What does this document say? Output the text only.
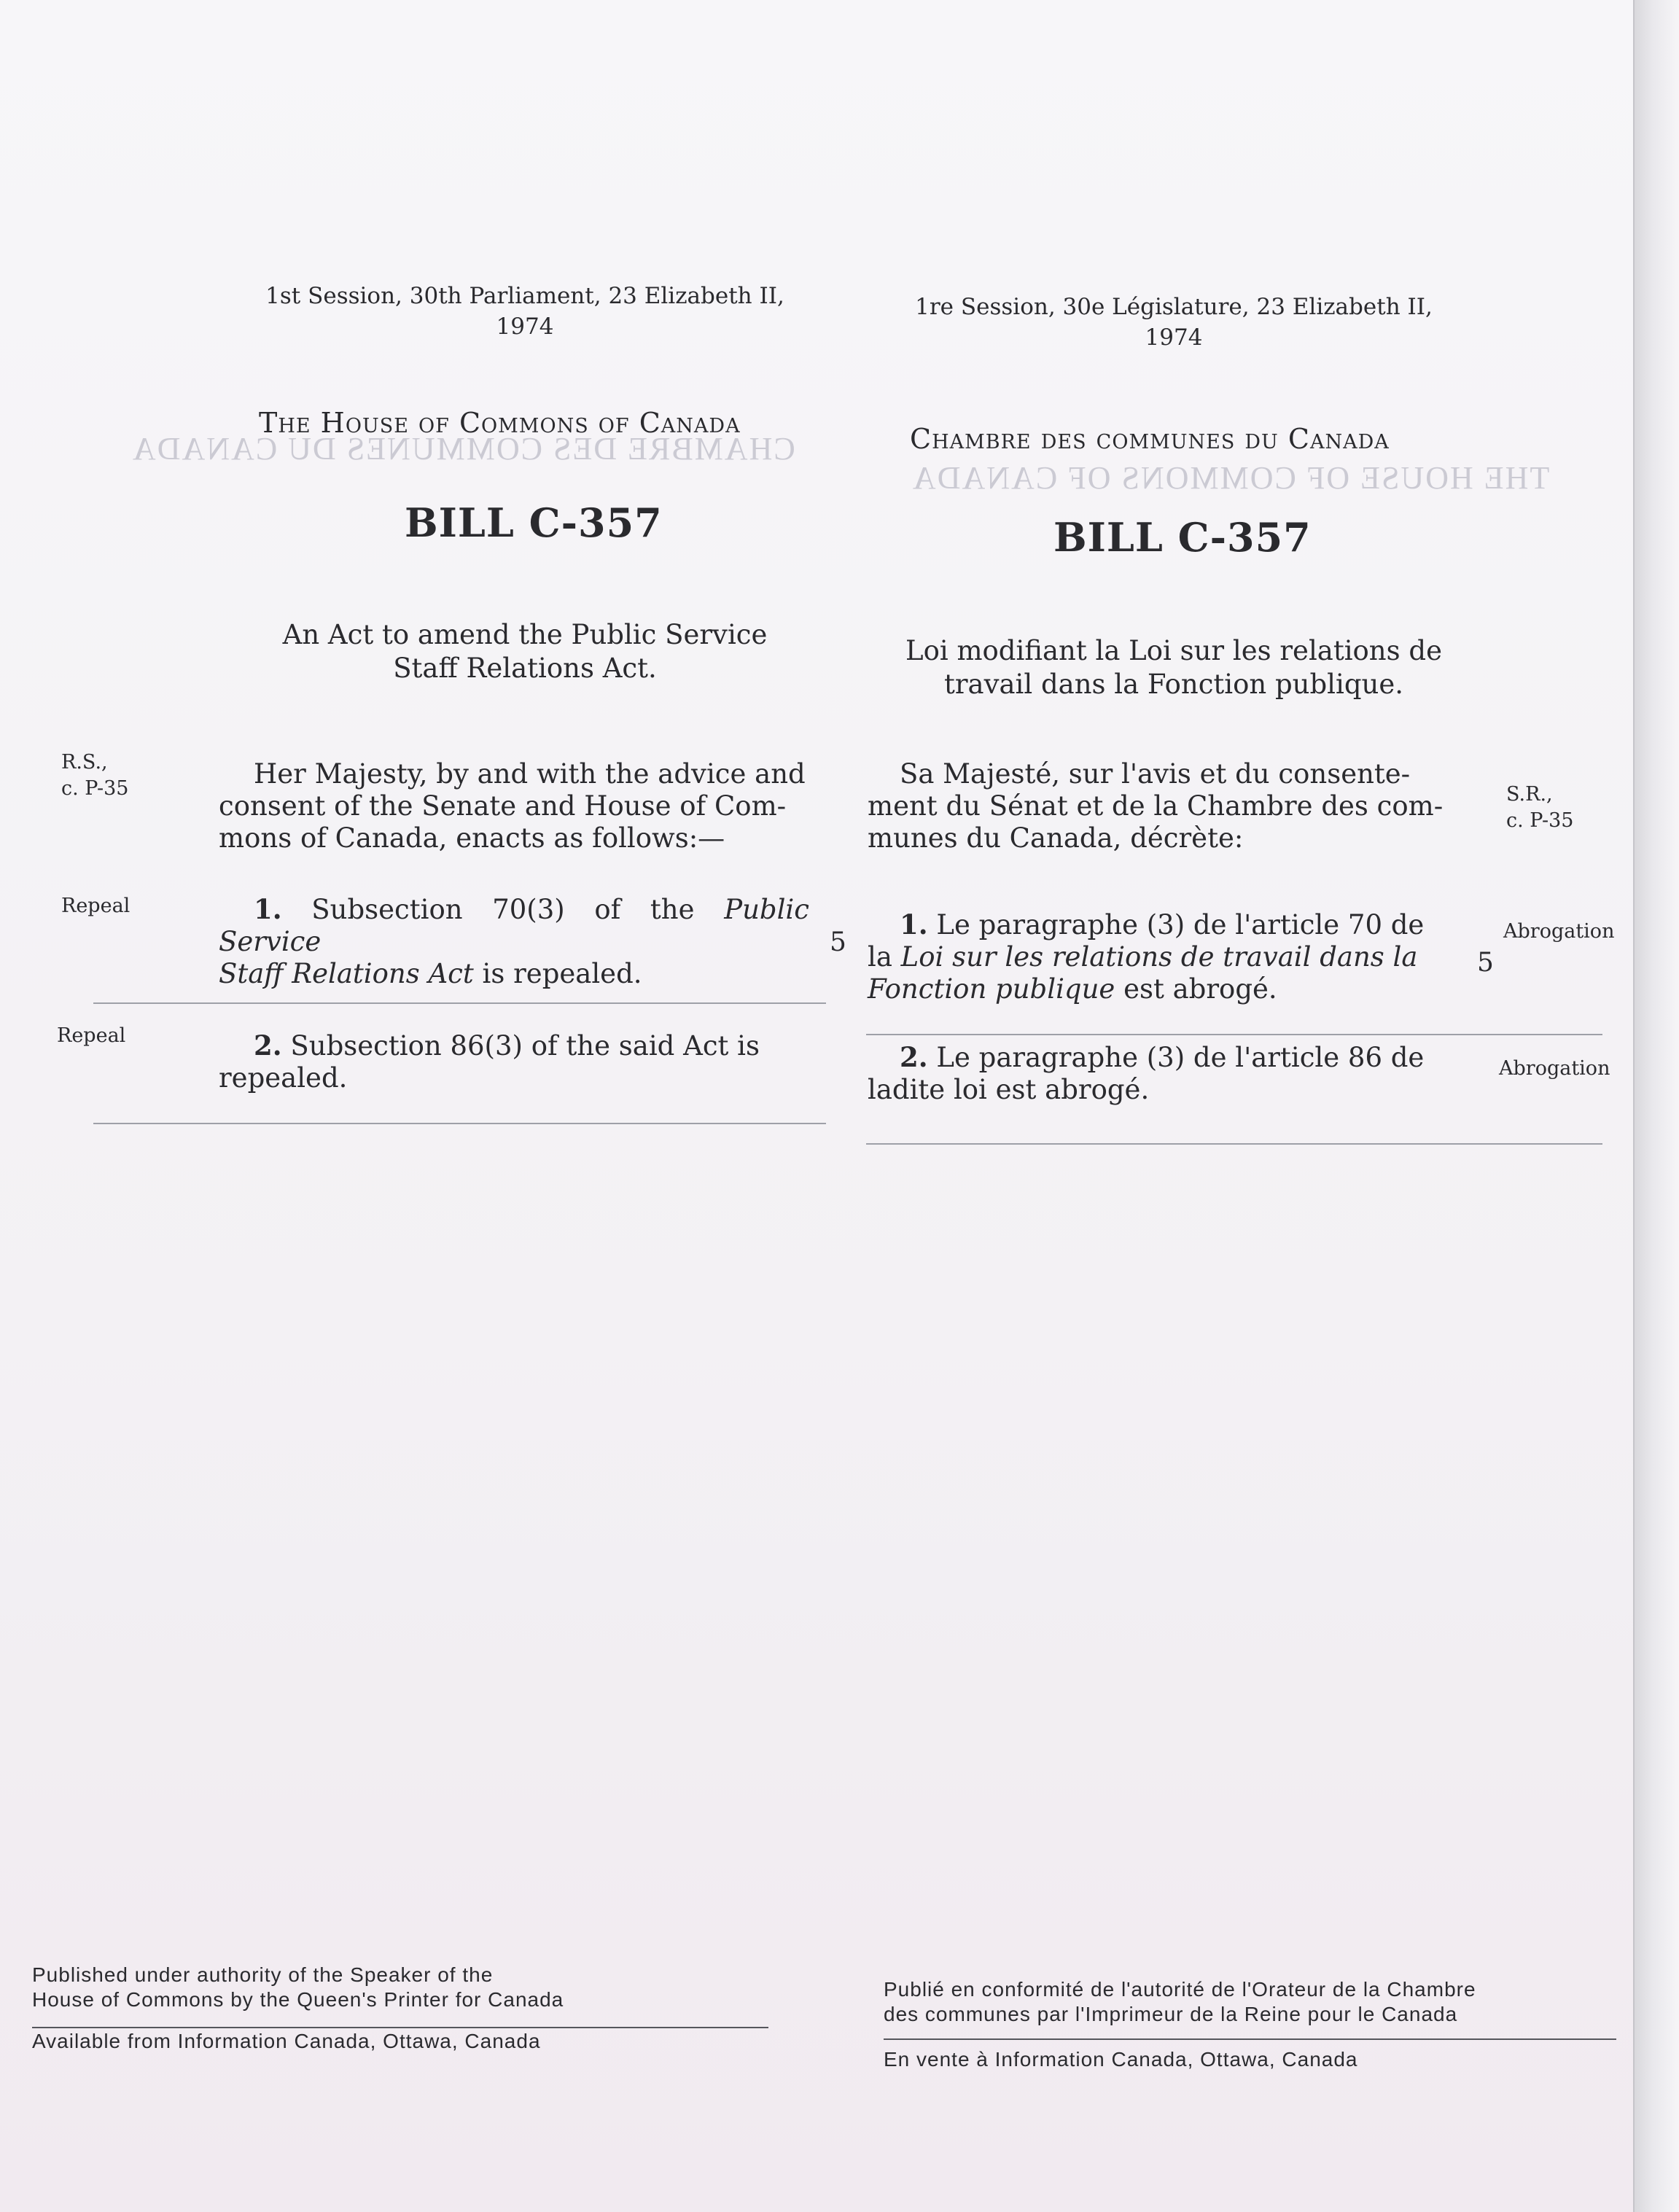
CHAMBRE DES COMMUNES DU CANADA
THE HOUSE OF COMMONS OF CANADA
1st Session, 30th Parliament, 23 Elizabeth II,
1974
The House of Commons of Canada
BILL C-357
An Act to amend the Public Service
Staff Relations Act.
R.S.,
c. P-35	Her Majesty, by and with the advice and
consent of the Senate and House of Com-
mons of Canada, enacts as follows:—
Repeal	1. Subsection 70(3) of the Public Service
Staff Relations Act is repealed.
5
Repeal	2. Subsection 86(3) of the said Act is
repealed.
1re Session, 30e Législature, 23 Elizabeth II,
1974
Chambre des communes du Canada
BILL C-357
Loi modifiant la Loi sur les relations de
travail dans la Fonction publique.
Sa Majesté, sur l'avis et du consente-
ment du Sénat et de la Chambre des com-
munes du Canada, décrète:
S.R.,
c. P-35
1. Le paragraphe (3) de l'article 70 de
la Loi sur les relations de travail dans la
Fonction publique est abrogé.
Abrogation
5
2. Le paragraphe (3) de l'article 86 de
ladite loi est abrogé.
Abrogation
Published under authority of the Speaker of the
House of Commons by the Queen's Printer for Canada
Available from Information Canada, Ottawa, Canada
Publié en conformité de l'autorité de l'Orateur de la Chambre
des communes par l'Imprimeur de la Reine pour le Canada
En vente à Information Canada, Ottawa, Canada
